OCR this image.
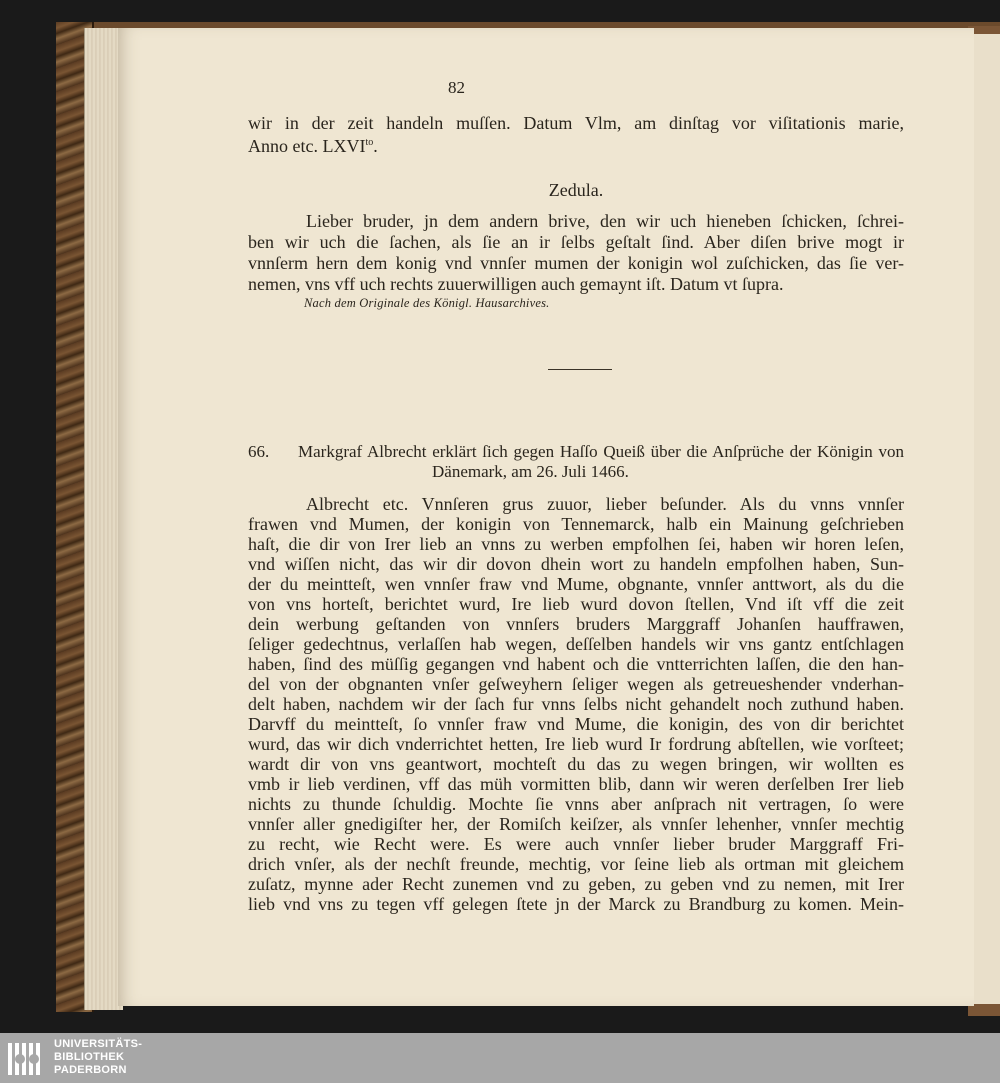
82
wir in der zeit handeln muſſen. Datum Vlm, am dinſtag vor viſitationis marie,
Anno etc. $LXVI^{to}$.
Zedula.
Lieber bruder, jn dem andern brive, den wir uch hieneben ſchicken, ſchrei-
ben wir uch die ſachen, als ſie an ir ſelbs geſtalt ſind. Aber diſen brive mogt ir
vnnſerm hern dem konig vnd vnnſer mumen der konigin wol zuſchicken, das ſie ver-
nemen, vns vff uch rechts zuuerwilligen auch gemaynt iſt. Datum vt ſupra.
Nach dem Originale des Königl. Hausarchives.
66. Markgraf Albrecht erklärt ſich gegen Haſſo Queiß über die Anſprüche der Königin von
Dänemark, am 26. Juli 1466.
Albrecht etc. Vnnſeren grus zuuor, lieber beſunder. Als du vnns vnnſer
frawen vnd Mumen, der konigin von Tennemarck, halb ein Mainung geſchrieben
haſt, die dir von Irer lieb an vnns zu werben empfolhen ſei, haben wir horen leſen,
vnd wiſſen nicht, das wir dir dovon dhein wort zu handeln empfolhen haben, Sun-
der du meintteſt, wen vnnſer fraw vnd Mume, obgnante, vnnſer anttwort, als du die
von vns horteſt, berichtet wurd, Ire lieb wurd dovon ſtellen, Vnd iſt vff die zeit
dein werbung geſtanden von vnnſers bruders Marggraff Johanſen hauffrawen,
ſeliger gedechtnus, verlaſſen hab wegen, deſſelben handels wir vns gantz entſchlagen
haben, ſind des müſſig gegangen vnd habent och die vntterrichten laſſen, die den han-
del von der obgnanten vnſer geſweyhern ſeliger wegen als getreueshender vnderhan-
delt haben, nachdem wir der ſach fur vnns ſelbs nicht gehandelt noch zuthund haben.
Darvff du meintteſt, ſo vnnſer fraw vnd Mume, die konigin, des von dir berichtet
wurd, das wir dich vnderrichtet hetten, Ire lieb wurd Ir fordrung abſtellen, wie vorſteet;
wardt dir von vns geantwort, mochteſt du das zu wegen bringen, wir wollten es
vmb ir lieb verdinen, vff das müh vormitten blib, dann wir weren derſelben Irer lieb
nichts zu thunde ſchuldig. Mochte ſie vnns aber anſprach nit vertragen, ſo were
vnnſer aller gnedigiſter her, der Romiſch keiſzer, als vnnſer lehenher, vnnſer mechtig
zu recht, wie Recht were. Es were auch vnnſer lieber bruder Marggraff Fri-
drich vnſer, als der nechſt freunde, mechtig, vor ſeine lieb als ortman mit gleichem
zuſatz, mynne ader Recht zunemen vnd zu geben, zu geben vnd zu nemen, mit Irer
lieb vnd vns zu tegen vff gelegen ſtete jn der Marck zu Brandburg zu komen. Mein-
UNIVERSITÄTS-
BIBLIOTHEK
PADERBORN
